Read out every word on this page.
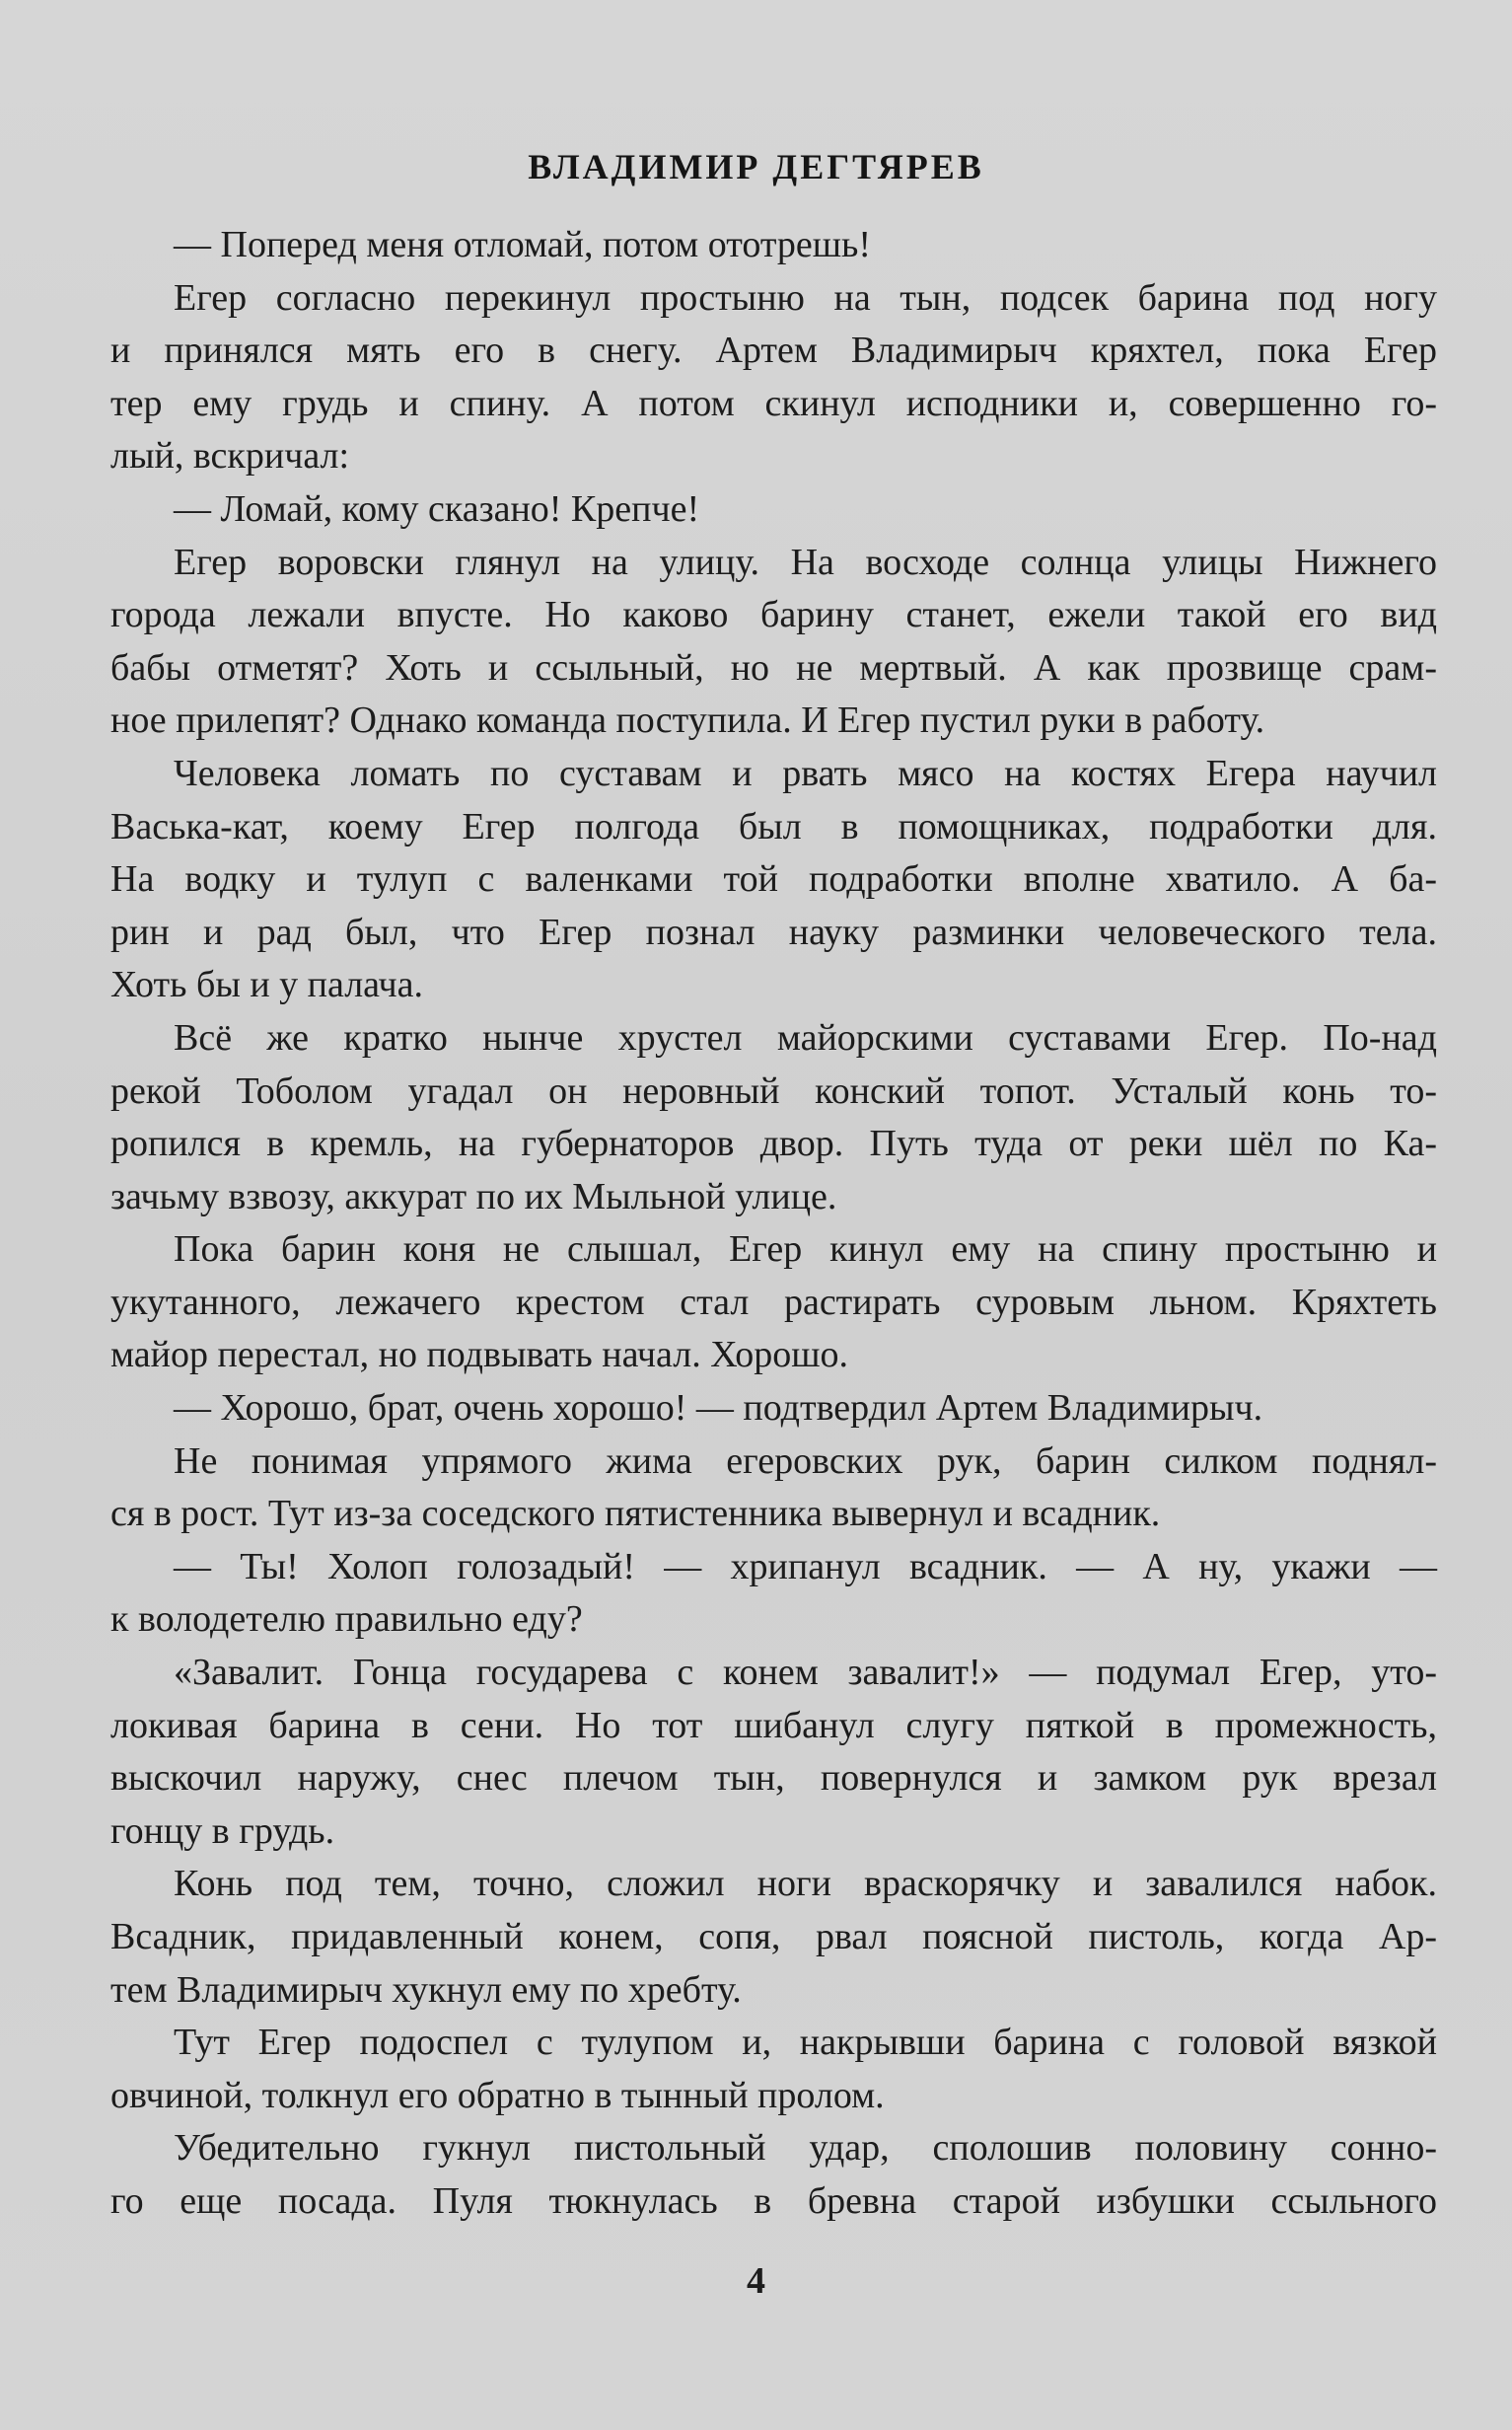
ВЛАДИМИР ДЕГТЯРЕВ
— Поперед меня отломай, потом ототрешь!
Егер согласно перекинул простыню на тын, подсек барина под ногу
и принялся мять его в снегу. Артем Владимирыч кряхтел, пока Егер
тер ему грудь и спину. А потом скинул исподники и, совершенно го-
лый, вскричал:
— Ломай, кому сказано! Крепче!
Егер воровски глянул на улицу. На восходе солнца улицы Нижнего
города лежали впусте. Но каково барину станет, ежели такой его вид
бабы отметят? Хоть и ссыльный, но не мертвый. А как прозвище срам-
ное прилепят? Однако команда поступила. И Егер пустил руки в работу.
Человека ломать по суставам и рвать мясо на костях Егера научил
Васька-кат, коему Егер полгода был в помощниках, подработки для.
На водку и тулуп с валенками той подработки вполне хватило. А ба-
рин и рад был, что Егер познал науку разминки человеческого тела.
Хоть бы и у палача.
Всё же кратко нынче хрустел майорскими суставами Егер. По-над
рекой Тоболом угадал он неровный конский топот. Усталый конь то-
ропился в кремль, на губернаторов двор. Путь туда от реки шёл по Ка-
зачьму взвозу, аккурат по их Мыльной улице.
Пока барин коня не слышал, Егер кинул ему на спину простыню и
укутанного, лежачего крестом стал растирать суровым льном. Кряхтеть
майор перестал, но подвывать начал. Хорошо.
— Хорошо, брат, очень хорошо! — подтвердил Артем Владимирыч.
Не понимая упрямого жима егеровских рук, барин силком поднял-
ся в рост. Тут из-за соседского пятистенника вывернул и всадник.
— Ты! Холоп голозадый! — хрипанул всадник. — А ну, укажи —
к володетелю правильно еду?
«Завалит. Гонца государева с конем завалит!» — подумал Егер, уто-
локивая барина в сени. Но тот шибанул слугу пяткой в промежность,
выскочил наружу, снес плечом тын, повернулся и замком рук врезал
гонцу в грудь.
Конь под тем, точно, сложил ноги враскорячку и завалился набок.
Всадник, придавленный конем, сопя, рвал поясной пистоль, когда Ар-
тем Владимирыч хукнул ему по хребту.
Тут Егер подоспел с тулупом и, накрывши барина с головой вязкой
овчиной, толкнул его обратно в тынный пролом.
Убедительно гукнул пистольный удар, сполошив половину сонно-
го еще посада. Пуля тюкнулась в бревна старой избушки ссыльного
4
